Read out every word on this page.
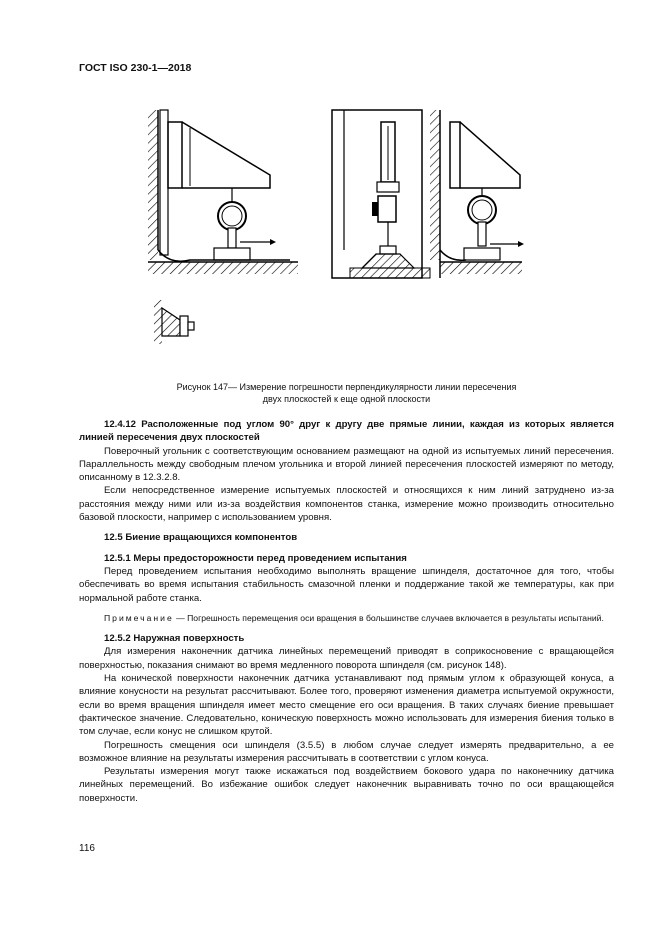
ГОСТ ISO 230-1—2018
Рисунок 147— Измерение погрешности перпендикулярности линии пересечения
двух плоскостей к еще одной плоскости

12.4.12 Расположенные под углом 90° друг к другу две прямые линии, каждая из которых является линией пересечения двух плоскостей

Поверочный угольник с соответствующим основанием размещают на одной из испытуемых линий пересечения. Параллельность между свободным плечом угольника и второй линией пересечения плоскостей измеряют по методу, описанному в 12.3.2.8.

Если непосредственное измерение испытуемых плоскостей и относящихся к ним линий затруднено из-за расстояния между ними или из-за воздействия компонентов станка, измерение можно производить относительно базовой плоскости, например с использованием уровня.

12.5 Биение вращающихся компонентов

12.5.1 Меры предосторожности перед проведением испытания

Перед проведением испытания необходимо выполнять вращение шпинделя, достаточное для того, чтобы обеспечивать во время испытания стабильность смазочной пленки и поддержание такой же температуры, как при нормальной работе станка.

Примечание — Погрешность перемещения оси вращения в большинстве случаев включается в результаты испытаний.

12.5.2 Наружная поверхность

Для измерения наконечник датчика линейных перемещений приводят в соприкосновение с вращающейся поверхностью, показания снимают во время медленного поворота шпинделя (см. рисунок 148).

На конической поверхности наконечник датчика устанавливают под прямым углом к образующей конуса, а влияние конусности на результат рассчитывают. Более того, проверяют изменения диаметра испытуемой окружности, если во время вращения шпинделя имеет место смещение его оси вращения. В таких случаях биение превышает фактическое значение. Следовательно, коническую поверхность можно использовать для измерения биения только в том случае, если конус не слишком крутой.

Погрешность смещения оси шпинделя (3.5.5) в любом случае следует измерять предварительно, а ее возможное влияние на результаты измерения рассчитывать в соответствии с углом конуса.

Результаты измерения могут также искажаться под воздействием бокового удара по наконечнику датчика линейных перемещений. Во избежание ошибок следует наконечник выравнивать точно по оси вращающейся поверхности.

116
